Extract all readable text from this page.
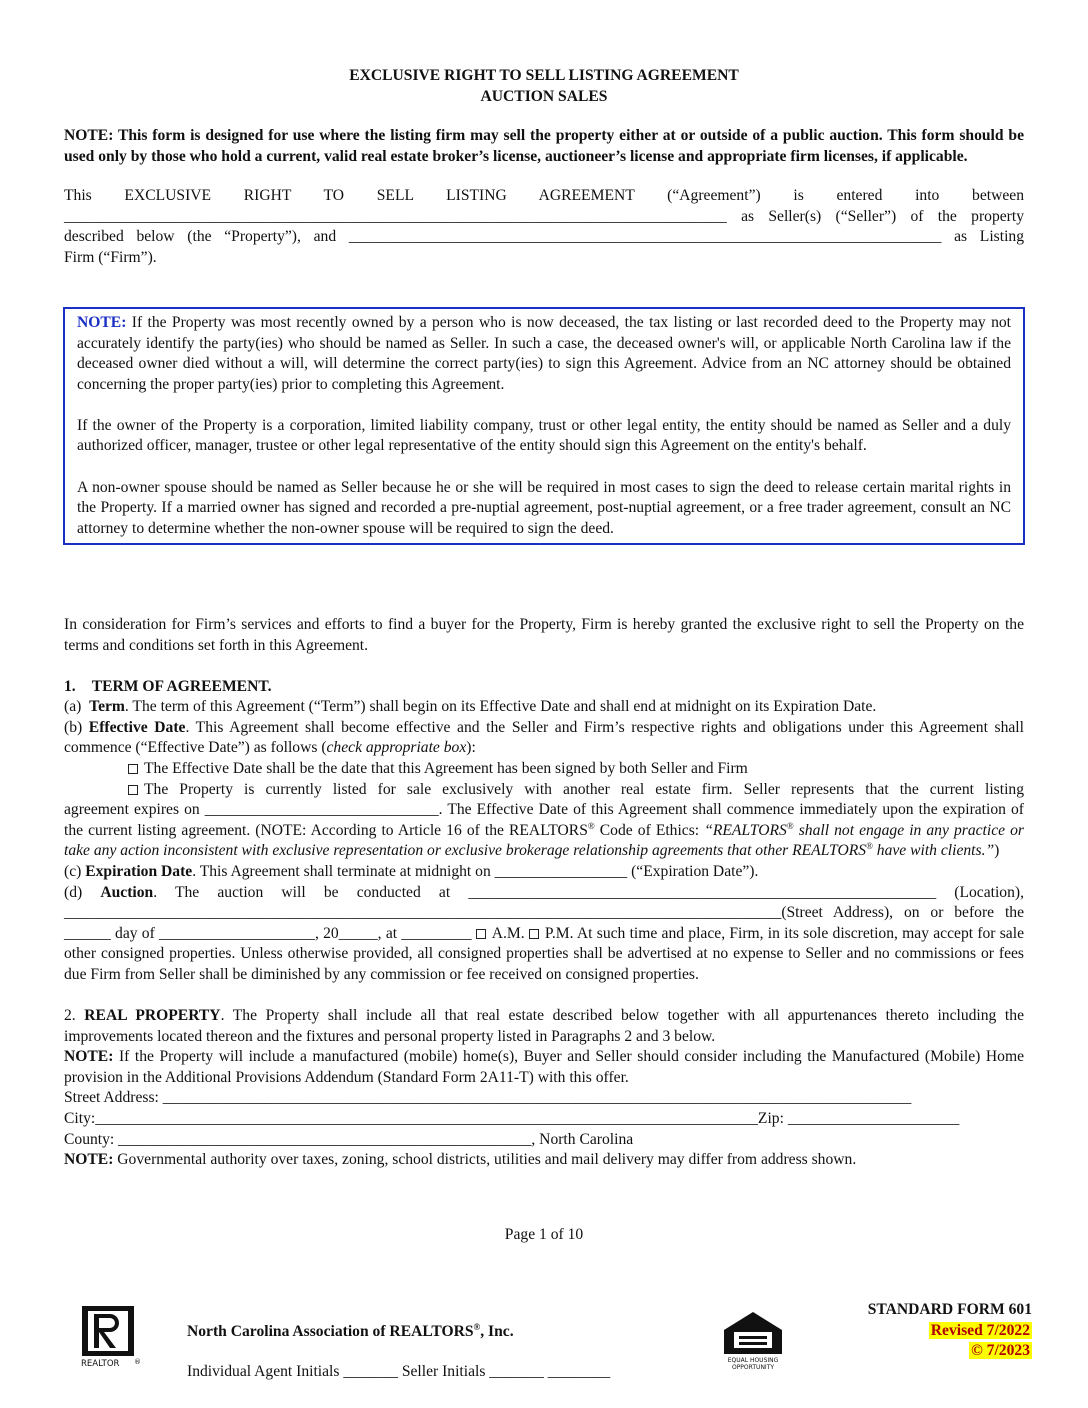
EXCLUSIVE RIGHT TO SELL LISTING AGREEMENT
AUCTION SALES

NOTE: This form is designed for use where the listing firm may sell the property either at or outside of a public auction. This form should be used only by those who hold a current, valid real estate broker’s license, auctioneer’s license and appropriate firm licenses, if applicable.

This EXCLUSIVE RIGHT TO SELL LISTING AGREEMENT (“Agreement”) is entered into between

_____________________________________________________________________________________ as Seller(s) (“Seller”) of the property

described below (the “Property”), and ____________________________________________________________________________ as Listing

Firm (“Firm”).

NOTE: If the Property was most recently owned by a person who is now deceased, the tax listing or last recorded deed to the Property may not accurately identify the party(ies) who should be named as Seller. In such a case, the deceased owner's will, or applicable North Carolina law if the deceased owner died without a will, will determine the correct party(ies) to sign this Agreement. Advice from an NC attorney should be obtained concerning the proper party(ies) prior to completing this Agreement.

If the owner of the Property is a corporation, limited liability company, trust or other legal entity, the entity should be named as Seller and a duly authorized officer, manager, trustee or other legal representative of the entity should sign this Agreement on the entity's behalf.

A non-owner spouse should be named as Seller because he or she will be required in most cases to sign the deed to release certain marital rights in the Property. If a married owner has signed and recorded a pre-nuptial agreement, post-nuptial agreement, or a free trader agreement, consult an NC attorney to determine whether the non-owner spouse will be required to sign the deed.

In consideration for Firm’s services and efforts to find a buyer for the Property, Firm is hereby granted the exclusive right to sell the Property on the terms and conditions set forth in this Agreement.

1. TERM OF AGREEMENT.

(a)  Term. The term of this Agreement (“Term”) shall begin on its Effective Date and shall end at midnight on its Expiration Date.

(b) Effective Date. This Agreement shall become effective and the Seller and Firm’s respective rights and obligations under this Agreement shall commence (“Effective Date”) as follows (check appropriate box):

The Effective Date shall be the date that this Agreement has been signed by both Seller and Firm

The Property is currently listed for sale exclusively with another real estate firm. Seller represents that the current listing

agreement expires on ______________________________. The Effective Date of this Agreement shall commence immediately upon the expiration of the current listing agreement. (NOTE: According to Article 16 of the REALTORS® Code of Ethics: “REALTORS® shall not engage in any practice or take any action inconsistent with exclusive representation or exclusive brokerage relationship agreements that other REALTORS® have with clients.”)

(c) Expiration Date. This Agreement shall terminate at midnight on _________________ (“Expiration Date”).

(d) Auction. The auction will be conducted at ____________________________________________________________ (Location),

____________________________________________________________________________________________(Street Address), on or before the

______ day of ____________________, 20_____, at _________ A.M. P.M. At such time and place, Firm, in its sole discretion, may accept for sale other consigned properties. Unless otherwise provided, all consigned properties shall be advertised at no expense to Seller and no commissions or fees due Firm from Seller shall be diminished by any commission or fee received on consigned properties.

2. REAL PROPERTY. The Property shall include all that real estate described below together with all appurtenances thereto including the improvements located thereon and the fixtures and personal property listed in Paragraphs 2 and 3 below.

NOTE: If the Property will include a manufactured (mobile) home(s), Buyer and Seller should consider including the Manufactured (Mobile) Home provision in the Additional Provisions Addendum (Standard Form 2A11-T) with this offer.

Street Address: ________________________________________________________________________________________________

City:_____________________________________________________________________________________Zip: ______________________

County: _____________________________________________________, North Carolina

NOTE: Governmental authority over taxes, zoning, school districts, utilities and mail delivery may differ from address shown.

Page 1 of 10
REALTOR ®
North Carolina Association of REALTORS®, Inc.
Individual Agent Initials _______ Seller Initials _______ ________
EQUAL HOUSING
OPPORTUNITY
STANDARD FORM 601
Revised 7/2022
© 7/2023
